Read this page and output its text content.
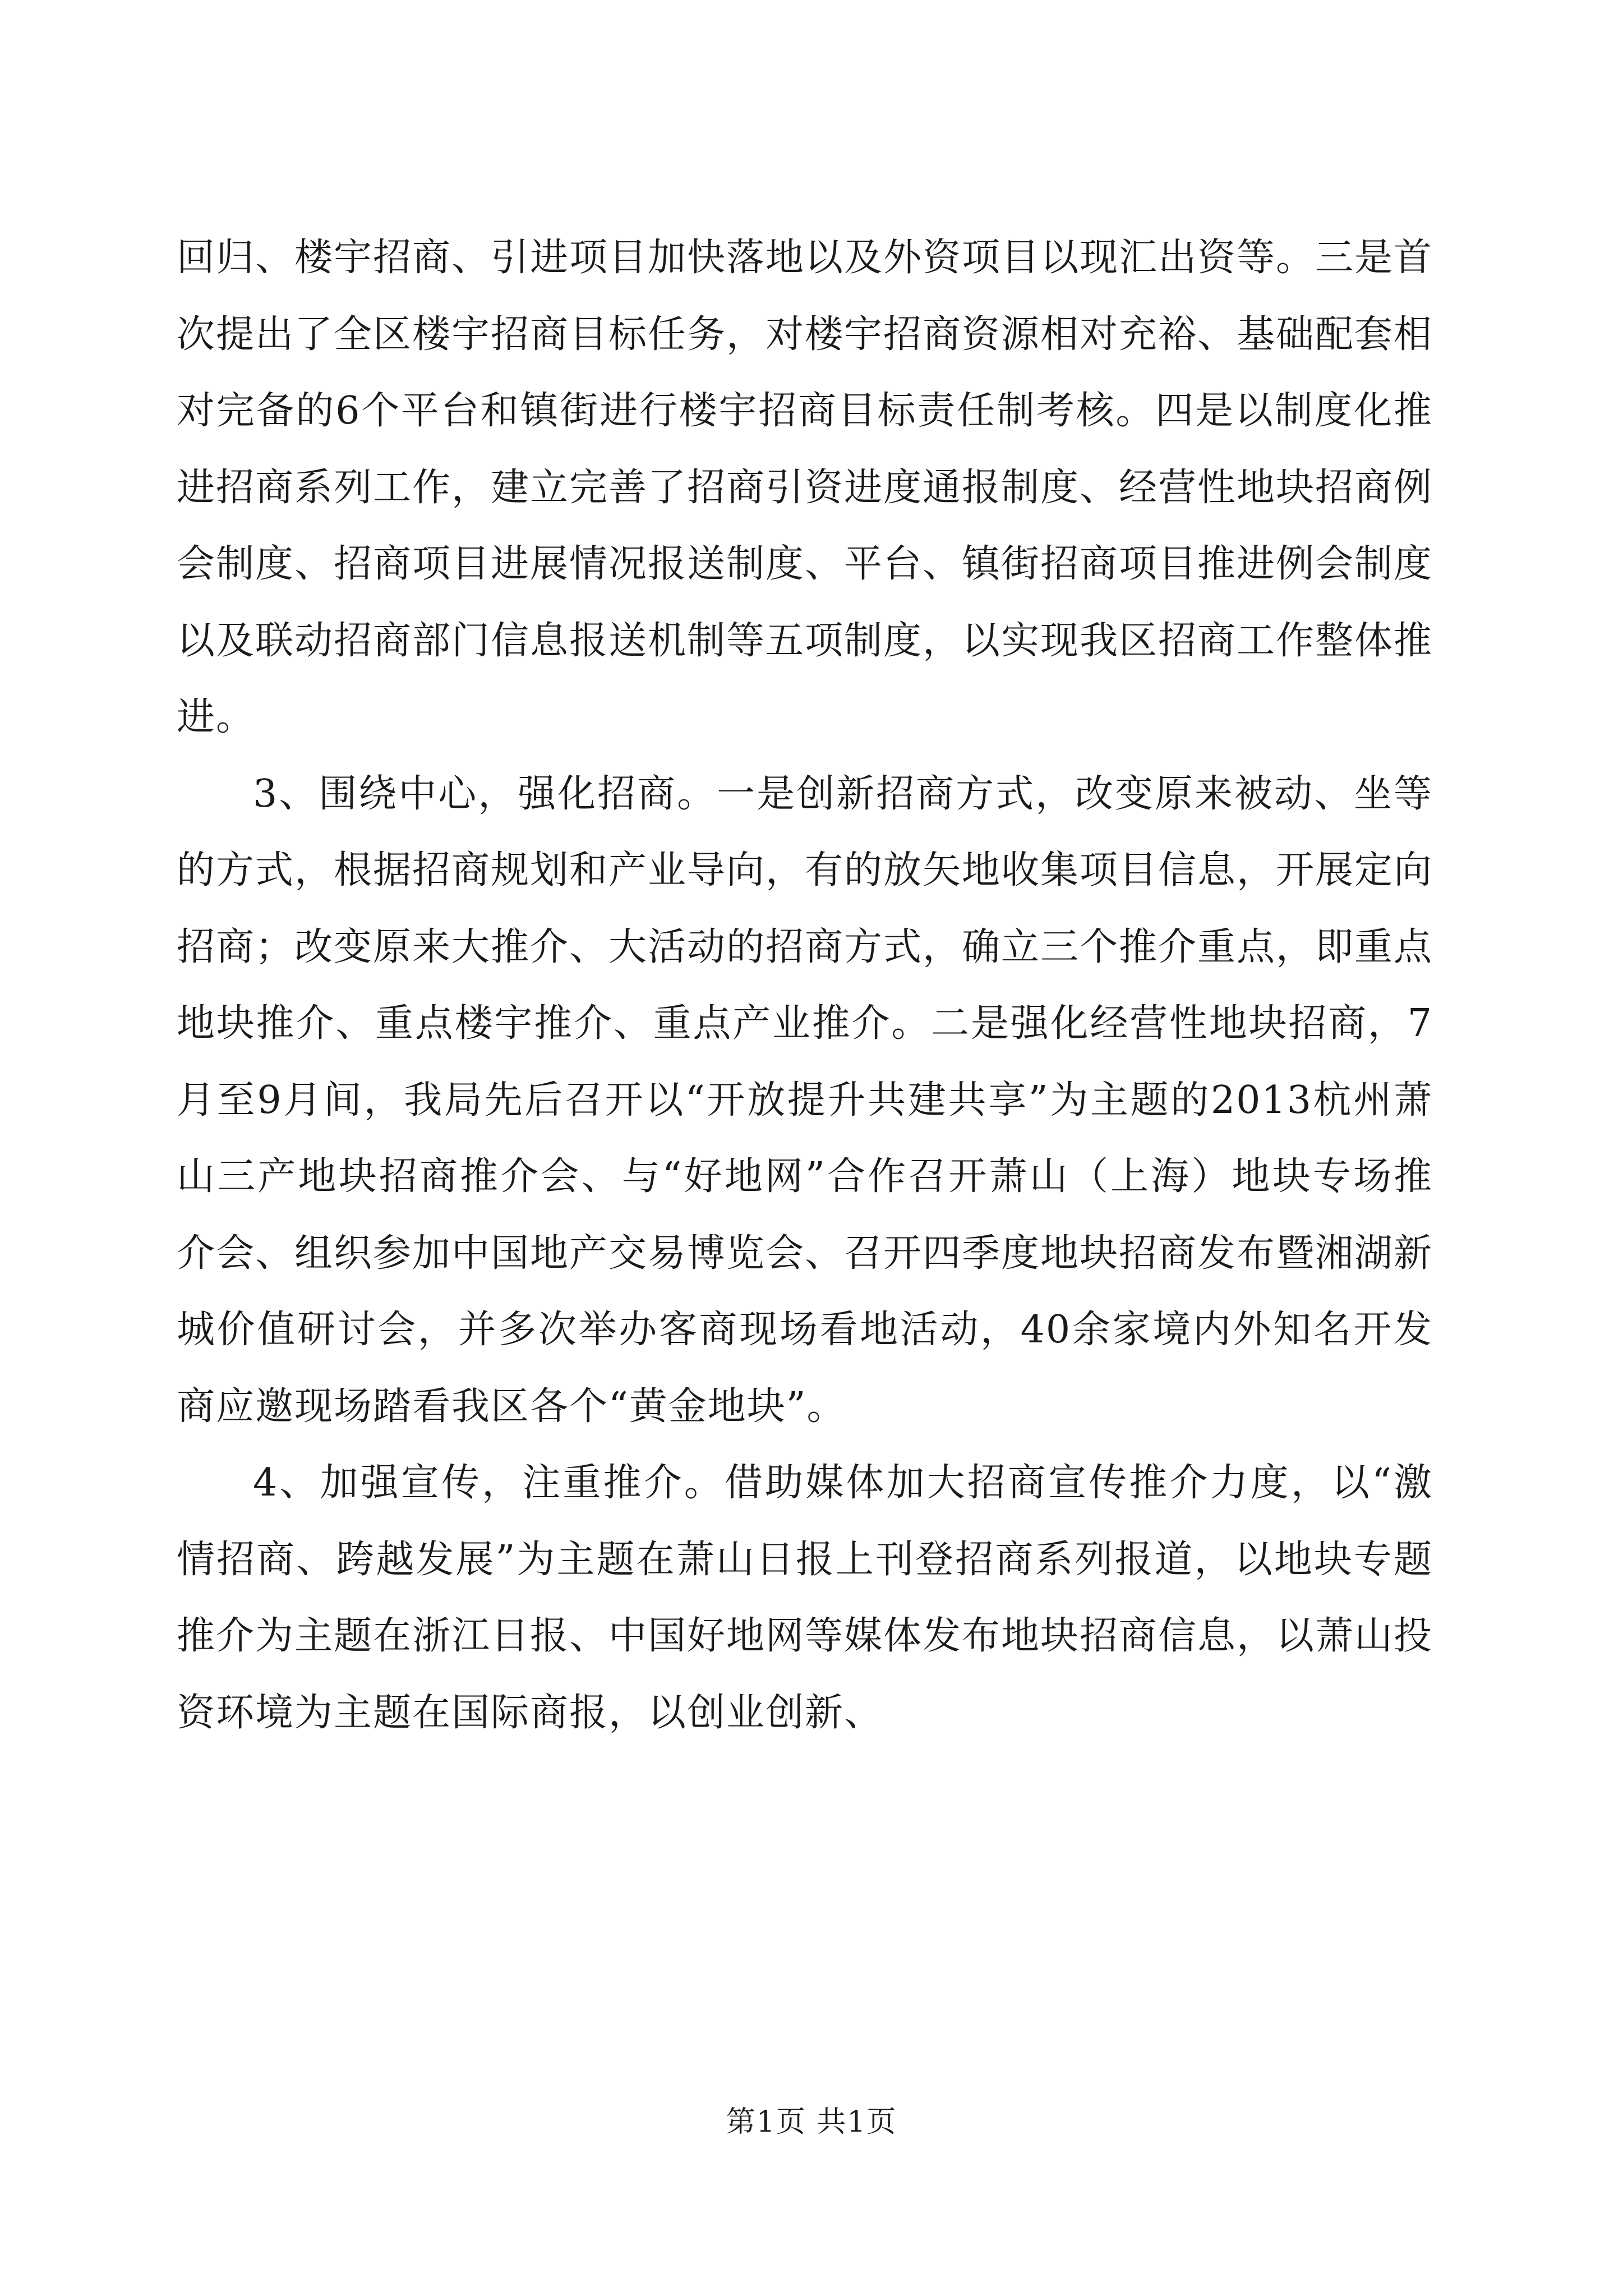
回归、楼宇招商、引进项目加快落地以及外资项目以现汇出资等。三是首次提出了全区楼宇招商目标任务，对楼宇招商资源相对充裕、基础配套相对完备的6个平台和镇街进行楼宇招商目标责任制考核。四是以制度化推进招商系列工作，建立完善了招商引资进度通报制度、经营性地块招商例会制度、招商项目进展情况报送制度、平台、镇街招商项目推进例会制度以及联动招商部门信息报送机制等五项制度，以实现我区招商工作整体推进。

3、围绕中心，强化招商。一是创新招商方式，改变原来被动、坐等的方式，根据招商规划和产业导向，有的放矢地收集项目信息，开展定向招商；改变原来大推介、大活动的招商方式，确立三个推介重点，即重点地块推介、重点楼宇推介、重点产业推介。二是强化经营性地块招商，7月至9月间，我局先后召开以“开放提升共建共享”为主题的2013杭州萧山三产地块招商推介会、与“好地网”合作召开萧山（上海）地块专场推介会、组织参加中国地产交易博览会、召开四季度地块招商发布暨湘湖新城价值研讨会，并多次举办客商现场看地活动，40余家境内外知名开发商应邀现场踏看我区各个“黄金地块”。

4、加强宣传，注重推介。借助媒体加大招商宣传推介力度，以“激情招商、跨越发展”为主题在萧山日报上刊登招商系列报道，以地块专题推介为主题在浙江日报、中国好地网等媒体发布地块招商信息，以萧山投资环境为主题在国际商报，以创业创新、

第1页 共1页
